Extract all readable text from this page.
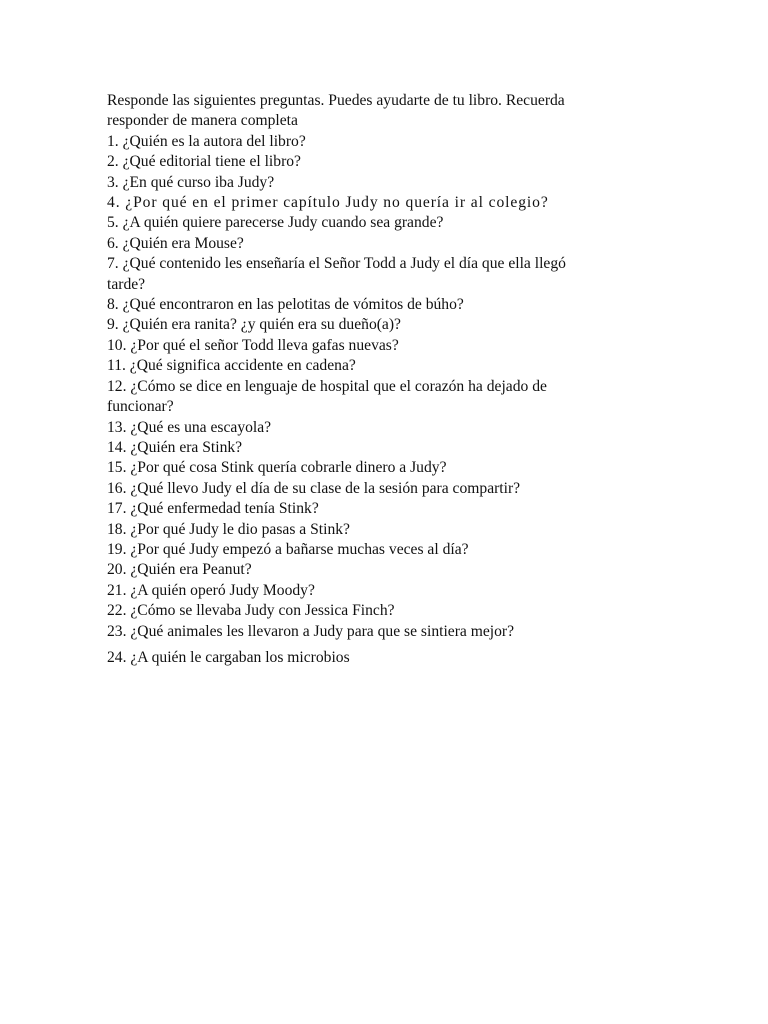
Responde las siguientes preguntas. Puedes ayudarte de tu libro. Recuerda responder de manera completa

1. ¿Quién es la autora del libro?
2. ¿Qué editorial tiene el libro?
3. ¿En qué curso iba Judy?
4. ¿Por qué en el primer capítulo Judy no quería ir al colegio?
5. ¿A quién quiere parecerse Judy cuando sea grande?
6. ¿Quién era Mouse?
7. ¿Qué contenido les enseñaría el Señor Todd a Judy el día que ella llegó tarde?
8. ¿Qué encontraron en las pelotitas de vómitos de búho?
9. ¿Quién era ranita? ¿y quién era su dueño(a)?
10. ¿Por qué el señor Todd lleva gafas nuevas?
11. ¿Qué significa accidente en cadena?
12. ¿Cómo se dice en lenguaje de hospital que el corazón ha dejado de funcionar?
13. ¿Qué es una escayola?
14. ¿Quién era Stink?
15. ¿Por qué cosa Stink quería cobrarle dinero a Judy?
16. ¿Qué llevo Judy el día de su clase de la sesión para compartir?
17. ¿Qué enfermedad tenía Stink?
18. ¿Por qué Judy le dio pasas a Stink?
19. ¿Por qué Judy empezó a bañarse muchas veces al día?
20. ¿Quién era Peanut?
21. ¿A quién operó Judy Moody?
22. ¿Cómo se llevaba Judy con Jessica Finch?
23. ¿Qué animales les llevaron a Judy para que se sintiera mejor?
24. ¿A quién le cargaban los microbios
